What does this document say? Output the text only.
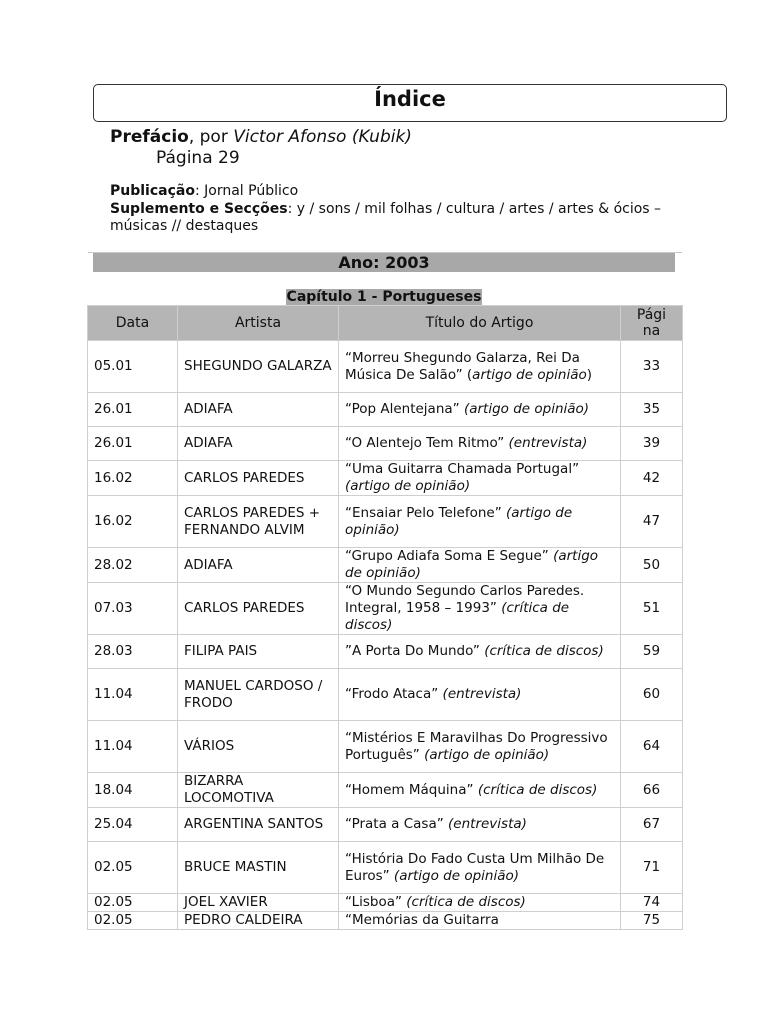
Índice
Prefácio, por Victor Afonso (Kubik)
Página 29
Publicação: Jornal Público
Suplemento e Secções: y / sons / mil folhas / cultura / artes / artes & ócios – músicas // destaques
Ano: 2003
Capítulo 1 - Portugueses
Data	Artista	Título do Artigo	Pági na
05.01	SHEGUNDO GALARZA	“Morreu Shegundo Galarza, Rei Da Música De Salão” (artigo de opinião)	33
26.01	ADIAFA	“Pop Alentejana” (artigo de opinião)	35
26.01	ADIAFA	“O Alentejo Tem Ritmo” (entrevista)	39
16.02	CARLOS PAREDES	“Uma Guitarra Chamada Portugal” (artigo de opinião)	42
16.02	CARLOS PAREDES + FERNANDO ALVIM	“Ensaiar Pelo Telefone” (artigo de opinião)	47
28.02	ADIAFA	“Grupo Adiafa Soma E Segue” (artigo de opinião)	50
07.03	CARLOS PAREDES	“O Mundo Segundo Carlos Paredes. Integral, 1958 – 1993” (crítica de discos)	51
28.03	FILIPA PAIS	”A Porta Do Mundo” (crítica de discos)	59
11.04	MANUEL CARDOSO / FRODO	“Frodo Ataca” (entrevista)	60
11.04	VÁRIOS	“Mistérios E Maravilhas Do Progressivo Português” (artigo de opinião)	64
18.04	BIZARRA LOCOMOTIVA	“Homem Máquina” (crítica de discos)	66
25.04	ARGENTINA SANTOS	“Prata a Casa” (entrevista)	67
02.05	BRUCE MASTIN	“História Do Fado Custa Um Milhão De Euros” (artigo de opinião)	71
02.05	JOEL XAVIER	“Lisboa” (crítica de discos)	74
02.05	PEDRO CALDEIRA	“Memórias da Guitarra	75
